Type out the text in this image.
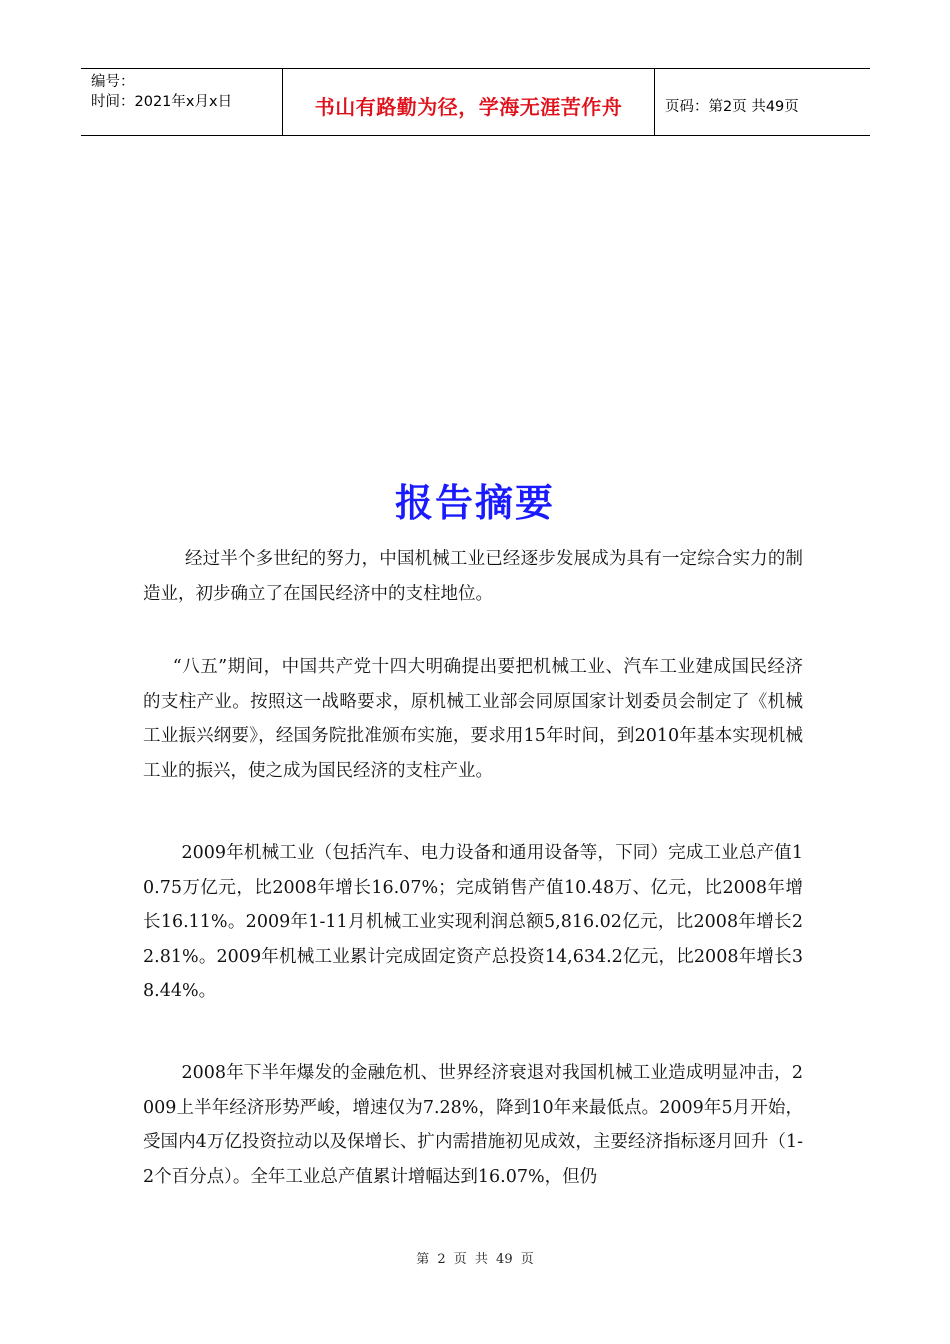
编号：
时间：2021年x月x日	书山有路勤为径，学海无涯苦作舟	页码：第2页 共49页
报告摘要

经过半个多世纪的努力，中国机械工业已经逐步发展成为具有一定综合实力的制造业，初步确立了在国民经济中的支柱地位。

“八五”期间，中国共产党十四大明确提出要把机械工业、汽车工业建成国民经济的支柱产业。按照这一战略要求，原机械工业部会同原国家计划委员会制定了《机械工业振兴纲要》，经国务院批准颁布实施，要求用15年时间，到2010年基本实现机械工业的振兴，使之成为国民经济的支柱产业。

2009年机械工业（包括汽车、电力设备和通用设备等，下同）完成工业总产值10.75万亿元，比2008年增长16.07%；完成销售产值10.48万、亿元，比2008年增长16.11%。2009年1-11月机械工业实现利润总额5,816.02亿元，比2008年增长22.81%。2009年机械工业累计完成固定资产总投资14,634.2亿元，比2008年增长38.44%。

2008年下半年爆发的金融危机、世界经济衰退对我国机械工业造成明显冲击，2009上半年经济形势严峻，增速仅为7.28%，降到10年来最低点。2009年5月开始，受国内4万亿投资拉动以及保增长、扩内需措施初见成效，主要经济指标逐月回升（1-2个百分点）。全年工业总产值累计增幅达到16.07%，但仍

第 2 页 共 49 页
